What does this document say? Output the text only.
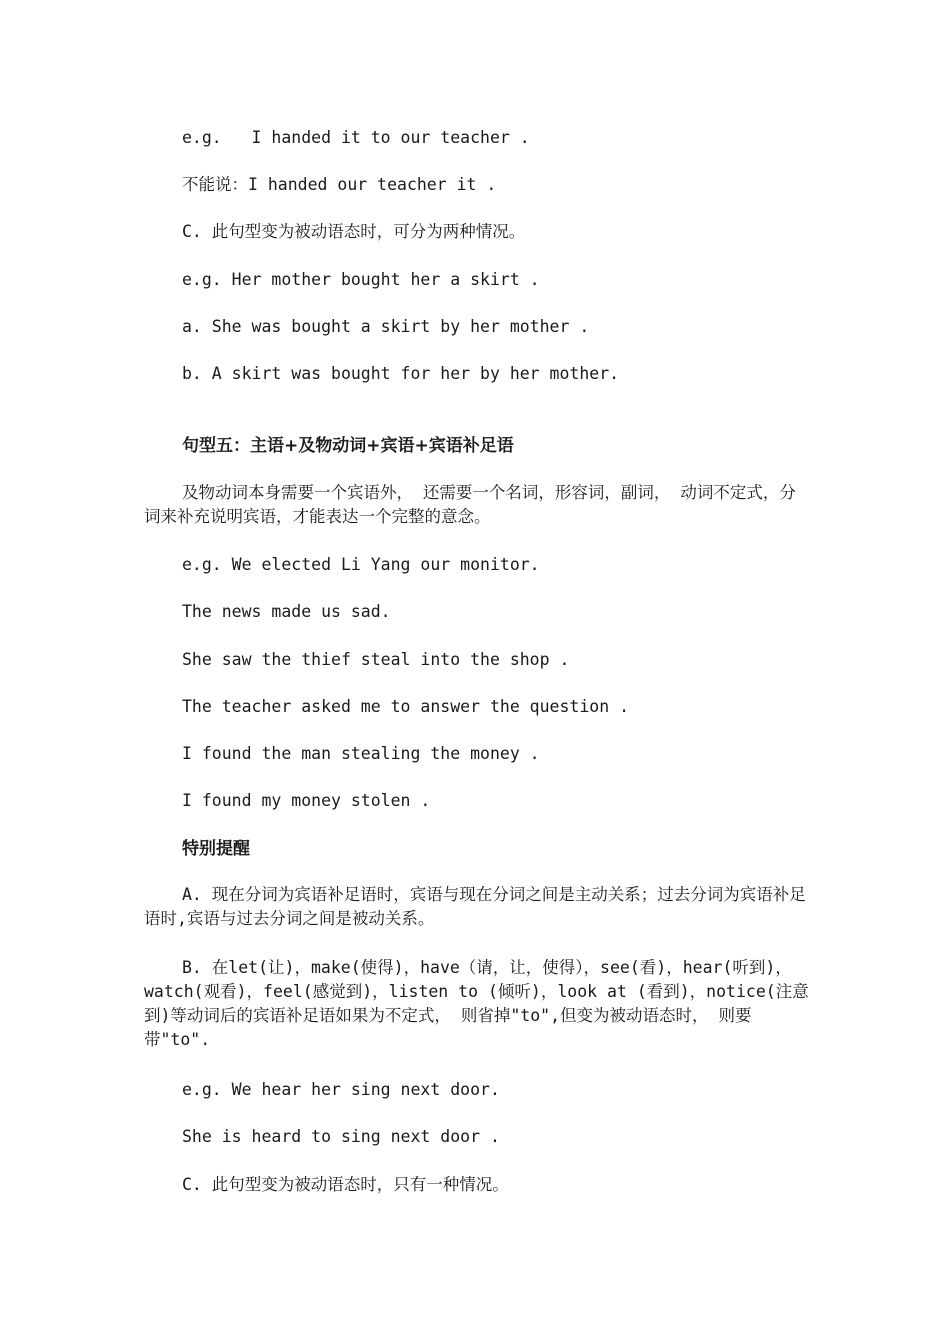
e.g.   I handed it to our teacher .
不能说：I handed our teacher it .
C. 此句型变为被动语态时，可分为两种情况。
e.g. Her mother bought her a skirt .
a. She was bought a skirt by her mother .
b. A skirt was bought for her by her mother.
句型五：主语+及物动词+宾语+宾语补足语
及物动词本身需要一个宾语外， 还需要一个名词，形容词，副词， 动词不定式，分词来补充说明宾语，才能表达一个完整的意念。
e.g. We elected Li Yang our monitor.
The news made us sad.
She saw the thief steal into the shop .
The teacher asked me to answer the question .
I found the man stealing the money .
I found my money stolen .
特别提醒
A. 现在分词为宾语补足语时，宾语与现在分词之间是主动关系；过去分词为宾语补足语时,宾语与过去分词之间是被动关系。
B. 在let(让)，make(使得)，have（请，让，使得），see(看)，hear(听到)，watch(观看)，feel(感觉到)，listen to (倾听)，look at (看到)，notice(注意到)等动词后的宾语补足语如果为不定式， 则省掉"to",但变为被动语态时， 则要带"to".
e.g. We hear her sing next door.
She is heard to sing next door .
C. 此句型变为被动语态时，只有一种情况。
